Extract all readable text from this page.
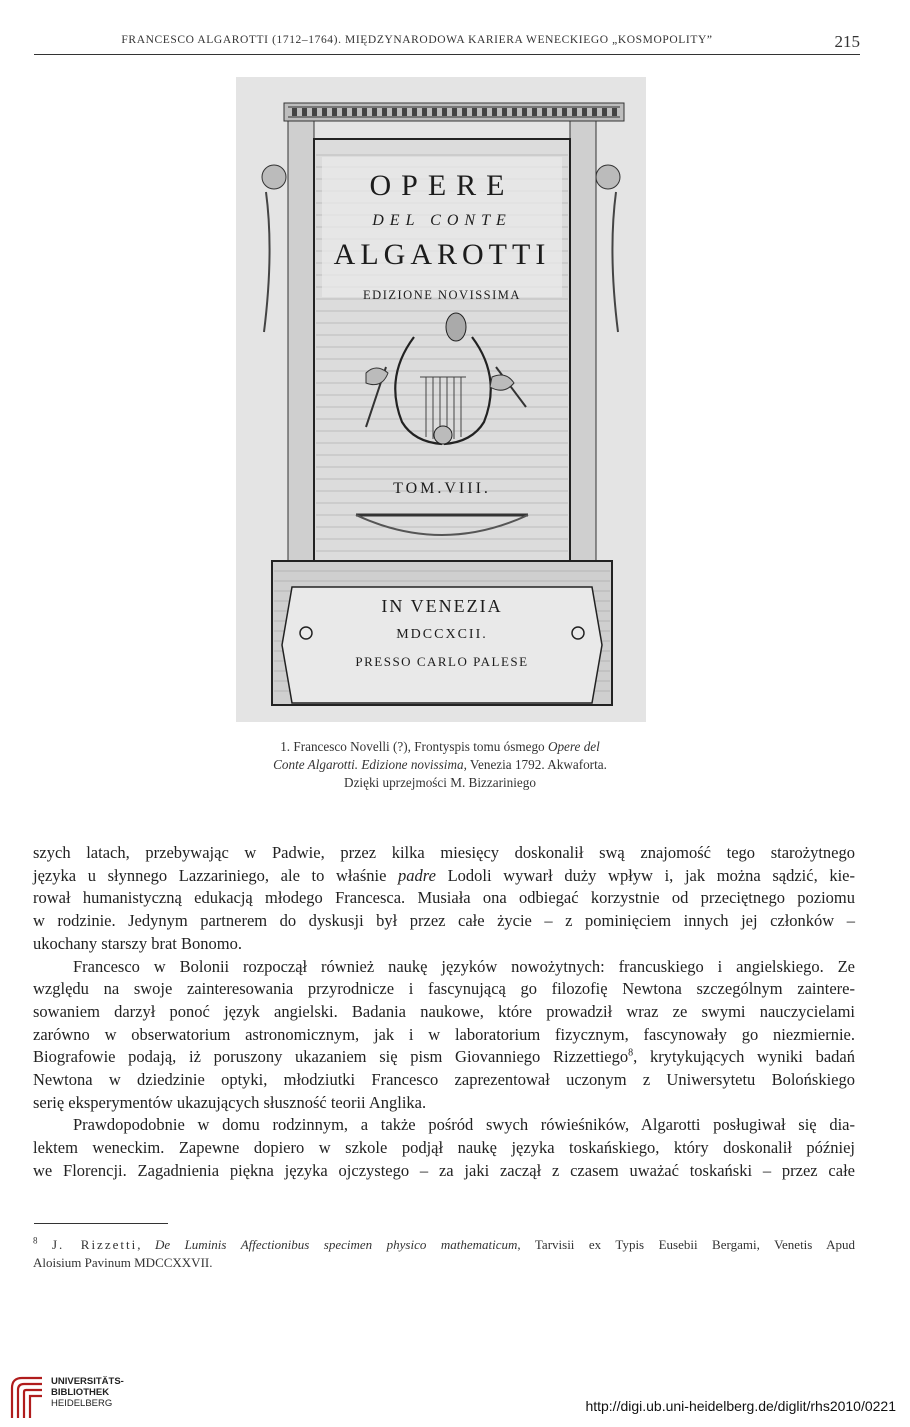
FRANCESCO ALGAROTTI (1712–1764). MIĘDZYNARODOWA KARIERA WENECKIEGO „KOSMOPOLITY”	215
OPERE
DEL CONTE
ALGAROTTI
EDIZIONE NOVISSIMA
TOM.VIII.
IN VENEZIA
MDCCXCII.
PRESSO CARLO PALESE
1. Francesco Novelli (?), Frontyspis tomu ósmego Opere del
Conte Algarotti. Edizione novissima, Venezia 1792. Akwaforta.
Dzięki uprzejmości M. Bizzariniego

szych latach, przebywając w Padwie, przez kilka miesięcy doskonalił swą znajomość tego starożytnego

języka u słynnego Lazzariniego, ale to właśnie padre Lodoli wywarł duży wpływ i, jak można sądzić, kie-

rował humanistyczną edukacją młodego Francesca. Musiała ona odbiegać korzystnie od przeciętnego poziomu

w rodzinie. Jedynym partnerem do dyskusji był przez całe życie – z pominięciem innych jej członków –

ukochany starszy brat Bonomo.

Francesco w Bolonii rozpoczął również naukę języków nowożytnych: francuskiego i angielskiego. Ze

względu na swoje zainteresowania przyrodnicze i fascynującą go filozofię Newtona szczególnym zaintere-

sowaniem darzył ponoć język angielski. Badania naukowe, które prowadził wraz ze swymi nauczycielami

zarówno w obserwatorium astronomicznym, jak i w laboratorium fizycznym, fascynowały go niezmiernie.

Biografowie podają, iż poruszony ukazaniem się pism Giovanniego Rizzettiego$^8$, krytykujących wyniki badań

Newtona w dziedzinie optyki, młodziutki Francesco zaprezentował uczonym z Uniwersytetu Bolońskiego

serię eksperymentów ukazujących słuszność teorii Anglika.

Prawdopodobnie w domu rodzinnym, a także pośród swych rówieśników, Algarotti posługiwał się dia-

lektem weneckim. Zapewne dopiero w szkole podjął naukę języka toskańskiego, który doskonalił później

we Florencji. Zagadnienia piękna języka ojczystego – za jaki zaczął z czasem uważać toskański – przez całe

$^8$ J. Rizzetti, De Luminis Affectionibus specimen physico mathematicum, Tarvisii ex Typis Eusebii Bergami, Venetis Apud

Aloisium Pavinum MDCCXXVII.

UNIVERSITÄTS-
BIBLIOTHEK
HEIDELBERG	http://digi.ub.uni-heidelberg.de/diglit/rhs2010/0221
